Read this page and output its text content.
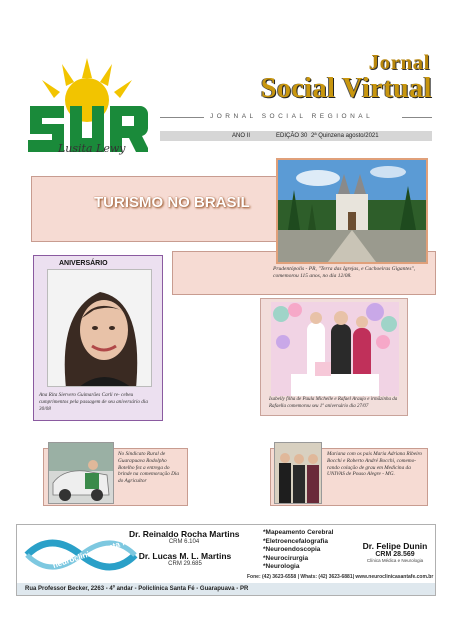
Lusita Lewy
Jornal
Social Virtual
JORNAL SOCIAL REGIONAL
ANO II	EDIÇÃO 30 2ª Quinzena agosto/2021
TURISMO NO BRASIL
Prudentópolis - PR, "Terra das Igrejas, e Cachoeiras Gigantes", comemorou 115 anos, no dia 12/08.
ANIVERSÁRIO
Ana Rita Siervero Guimarães Carli re- cebeu cumprimentos pela passagem de seu aniversário dia 30/08
Isabelly filha de Paula Michelle e Rafael Araujo e irmãzinha da Rafaella comemorou seu 1º aniversário dia 27/07
No Sindicato Rural de Guarapuava Rodolpho Botelho fez a entrega do brinde na comemoração Dia do Agricultor
Mariana com os pais Maria Adriana Ribeiro Bocchi e Roberto André Bocchi, comemo- rando colação de grau em Medicina da UNIVAS de Pouso Alegre - MG.
neuroclínica santa fé
Dr. Reinaldo Rocha Martins
CRM 6.104
Dr. Lucas M. L. Martins
CRM 29.685
*Mapeamento Cerebral
*Eletroencefalografia
*Neuroendoscopia
*Neurocirurgia
*Neurologia
Dr. Felipe Dunin
CRM 28.569
Clínica Médica e Neurologia
Fone: (42) 3623-6558 | Whats: (42) 3623-6881| www.neuroclinicasantafe.com.br
Rua Professor Becker, 2263 - 4º andar - Policlínica Santa Fé - Guarapuava - PR
